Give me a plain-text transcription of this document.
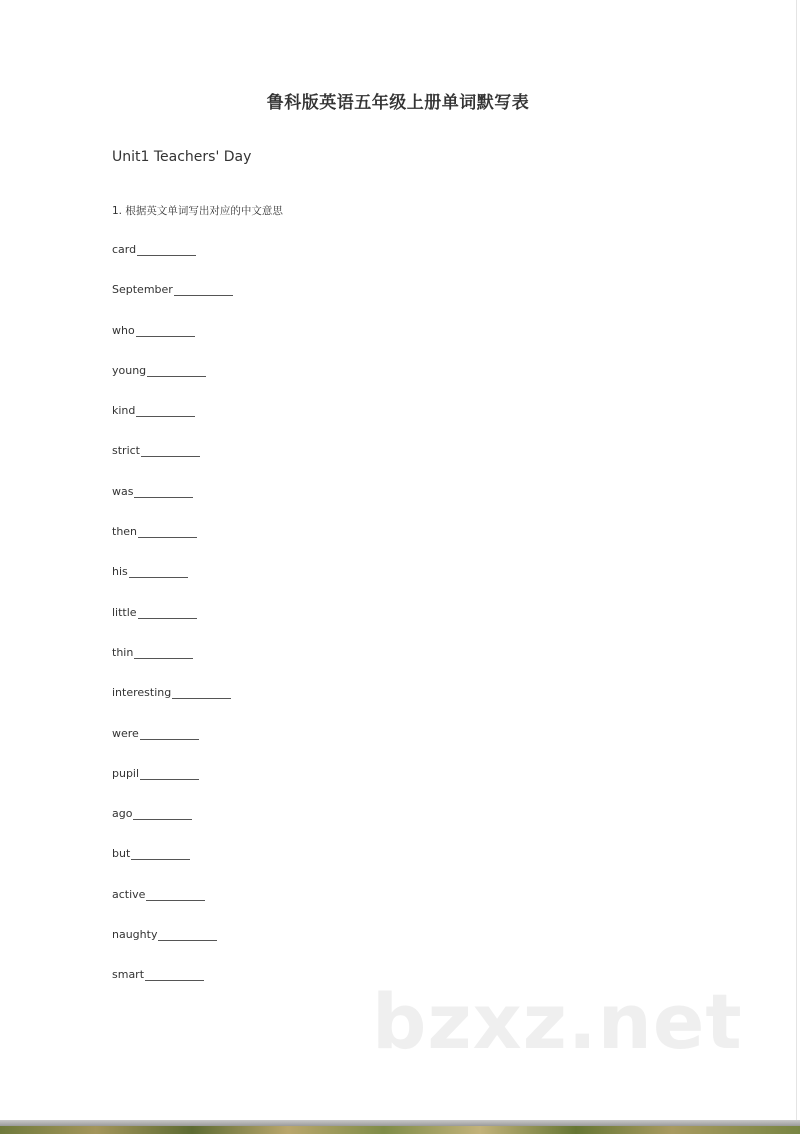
鲁科版英语五年级上册单词默写表
Unit1 Teachers' Day
1. 根据英文单词写出对应的中文意思
card
September
who
young
kind
strict
was
then
his
little
thin
interesting
were
pupil
ago
but
active
naughty
smart
bzxz.net
